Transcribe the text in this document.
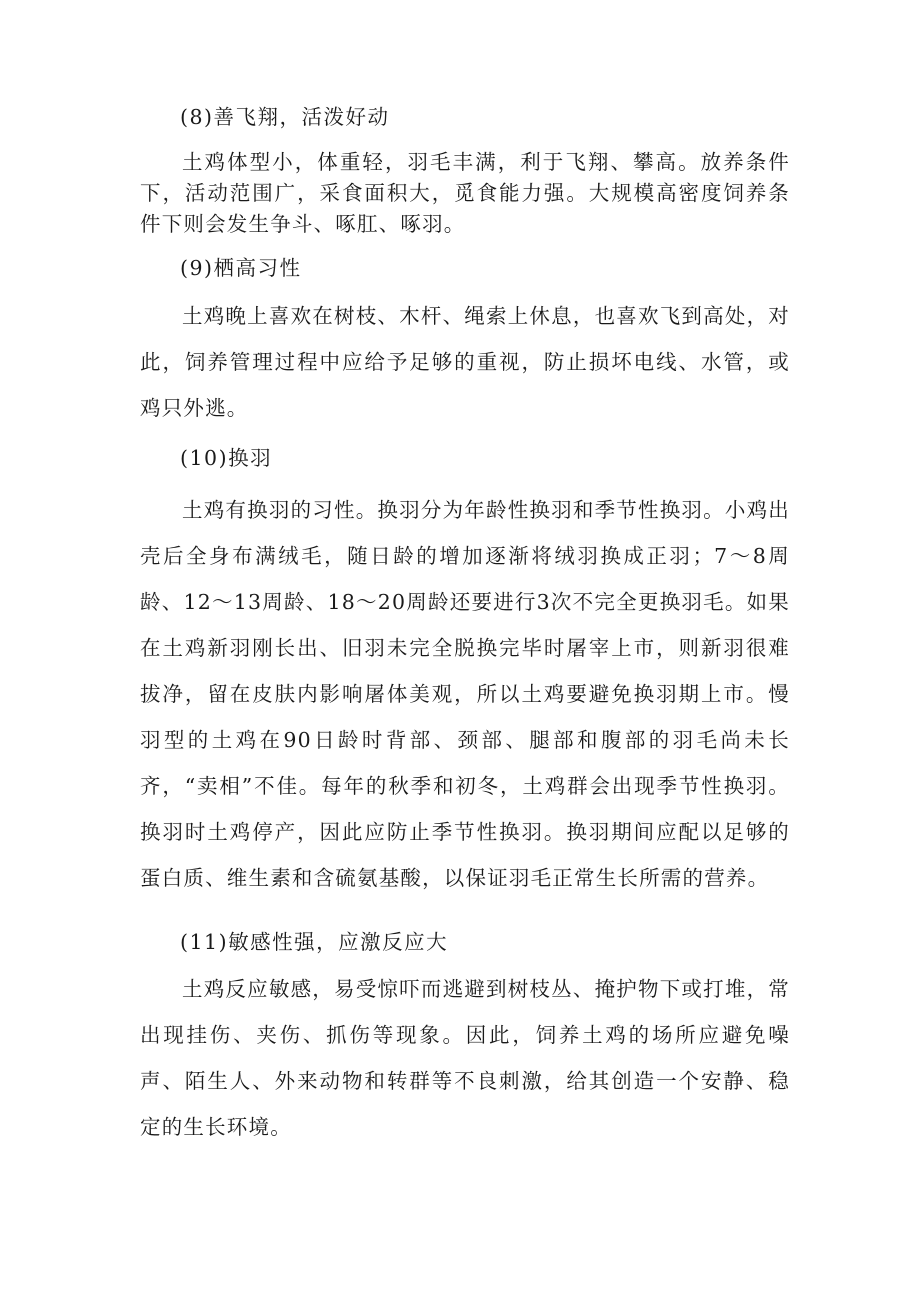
(8)善飞翔，活泼好动

土鸡体型小，体重轻，羽毛丰满，利于飞翔、攀高。放养条件下，活动范围广，采食面积大，觅食能力强。大规模高密度饲养条件下则会发生争斗、啄肛、啄羽。

(9)栖高习性

土鸡晚上喜欢在树枝、木杆、绳索上休息，也喜欢飞到高处，对此，饲养管理过程中应给予足够的重视，防止损坏电线、水管，或鸡只外逃。

(10)换羽

土鸡有换羽的习性。换羽分为年龄性换羽和季节性换羽。小鸡出壳后全身布满绒毛，随日龄的增加逐渐将绒羽换成正羽；7～8周龄、12～13周龄、18～20周龄还要进行3次不完全更换羽毛。如果在土鸡新羽刚长出、旧羽未完全脱换完毕时屠宰上市，则新羽很难拔净，留在皮肤内影响屠体美观，所以土鸡要避免换羽期上市。慢羽型的土鸡在90日龄时背部、颈部、腿部和腹部的羽毛尚未长齐，“卖相”不佳。每年的秋季和初冬，土鸡群会出现季节性换羽。换羽时土鸡停产，因此应防止季节性换羽。换羽期间应配以足够的蛋白质、维生素和含硫氨基酸，以保证羽毛正常生长所需的营养。

(11)敏感性强，应激反应大

土鸡反应敏感，易受惊吓而逃避到树枝丛、掩护物下或打堆，常出现挂伤、夹伤、抓伤等现象。因此，饲养土鸡的场所应避免噪声、陌生人、外来动物和转群等不良刺激，给其创造一个安静、稳定的生长环境。
